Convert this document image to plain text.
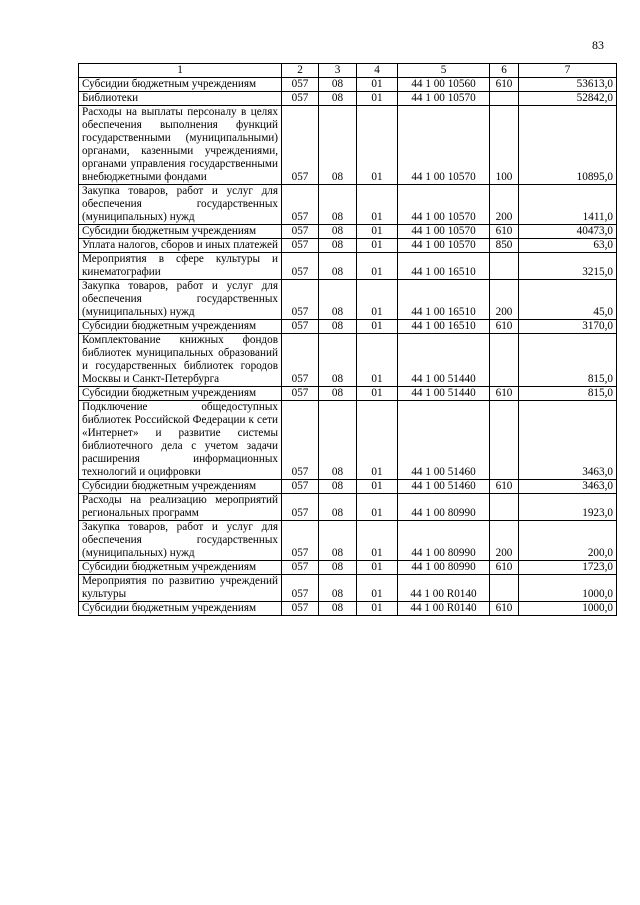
83
1	2	3	4	5	6	7
Субсидии бюджетным учреждениям	057	08	01	44 1 00 10560	610	53613,0
Библиотеки	057	08	01	44 1 00 10570		52842,0
Расходы на выплаты персоналу в целях обеспечения выполнения функций государственными (муниципальными) органами, казенными учреждениями, органами управления государственными внебюджетными фондами	057	08	01	44 1 00 10570	100	10895,0
Закупка товаров, работ и услуг для обеспечения государственных (муниципальных) нужд	057	08	01	44 1 00 10570	200	1411,0
Субсидии бюджетным учреждениям	057	08	01	44 1 00 10570	610	40473,0
Уплата налогов, сборов и иных платежей	057	08	01	44 1 00 10570	850	63,0
Мероприятия в сфере культуры и кинематографии	057	08	01	44 1 00 16510		3215,0
Закупка товаров, работ и услуг для обеспечения государственных (муниципальных) нужд	057	08	01	44 1 00 16510	200	45,0
Субсидии бюджетным учреждениям	057	08	01	44 1 00 16510	610	3170,0
Комплектование книжных фондов библиотек муниципальных образований и государственных библиотек городов Москвы и Санкт-Петербурга	057	08	01	44 1 00 51440		815,0
Субсидии бюджетным учреждениям	057	08	01	44 1 00 51440	610	815,0
Подключение общедоступных библиотек Российской Федерации к сети «Интернет» и развитие системы библиотечного дела с учетом задачи расширения информационных технологий и оцифровки	057	08	01	44 1 00 51460		3463,0
Субсидии бюджетным учреждениям	057	08	01	44 1 00 51460	610	3463,0
Расходы на реализацию мероприятий региональных программ	057	08	01	44 1 00 80990		1923,0
Закупка товаров, работ и услуг для обеспечения государственных (муниципальных) нужд	057	08	01	44 1 00 80990	200	200,0
Субсидии бюджетным учреждениям	057	08	01	44 1 00 80990	610	1723,0
Мероприятия по развитию учреждений культуры	057	08	01	44 1 00 R0140		1000,0
Субсидии бюджетным учреждениям	057	08	01	44 1 00 R0140	610	1000,0
